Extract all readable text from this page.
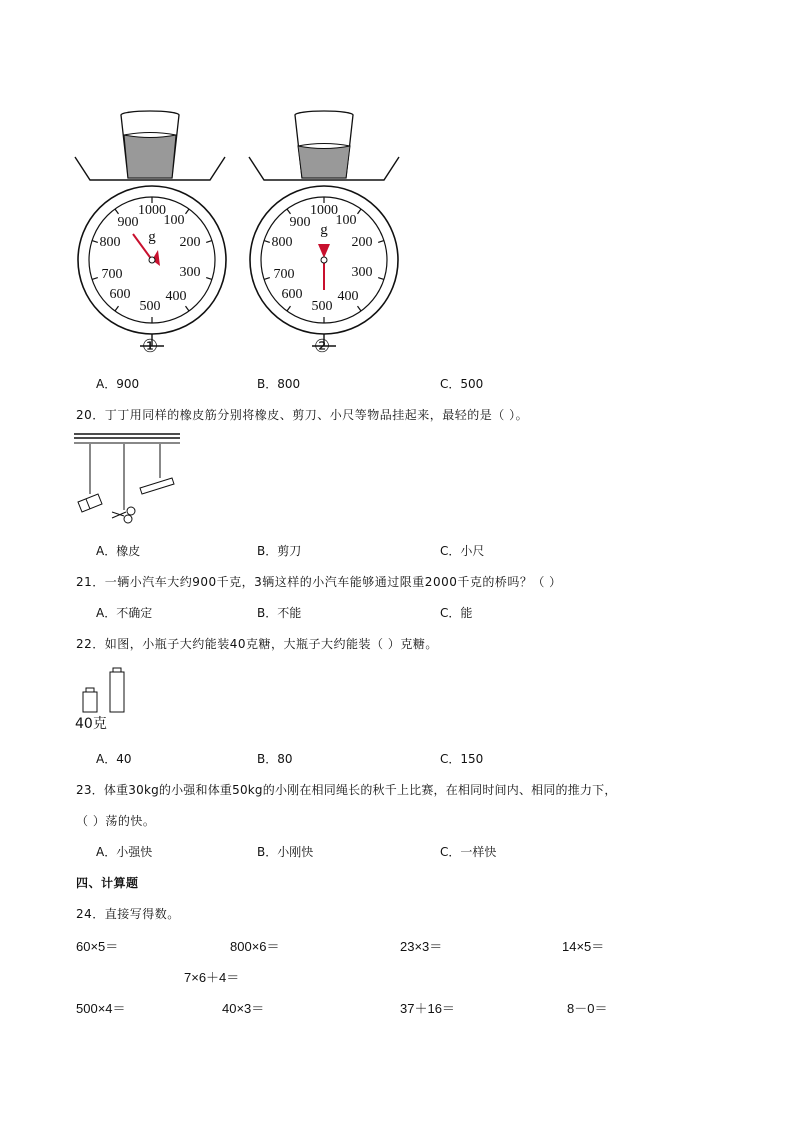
1000
100
200
300
400
500
600
700
800
900
g
1000
100
200
300
400
500
600
700
800
900 g
①	②
A．900	B．800	C．500
20．丁丁用同样的橡皮筋分别将橡皮、剪刀、小尺等物品挂起来，最轻的是（ ）。
A．橡皮	B．剪刀	C．小尺
21．一辆小汽车大约900千克，3辆这样的小汽车能够通过限重2000千克的桥吗？（ ）
A．不确定	B．不能	C．能
22．如图，小瓶子大约能装40克糖，大瓶子大约能装（ ）克糖。
40克
A．40	B．80	C．150
23．体重30kg的小强和体重50kg的小刚在相同绳长的秋千上比赛，在相同时间内、相同的推力下，
（ ）荡的快。
A．小强快	B．小刚快	C．一样快
四、计算题
24．直接写得数。
60×5＝	800×6＝	23×3＝	14×5＝
7×6＋4＝
500×4＝	40×3＝	37＋16＝	8－0＝
